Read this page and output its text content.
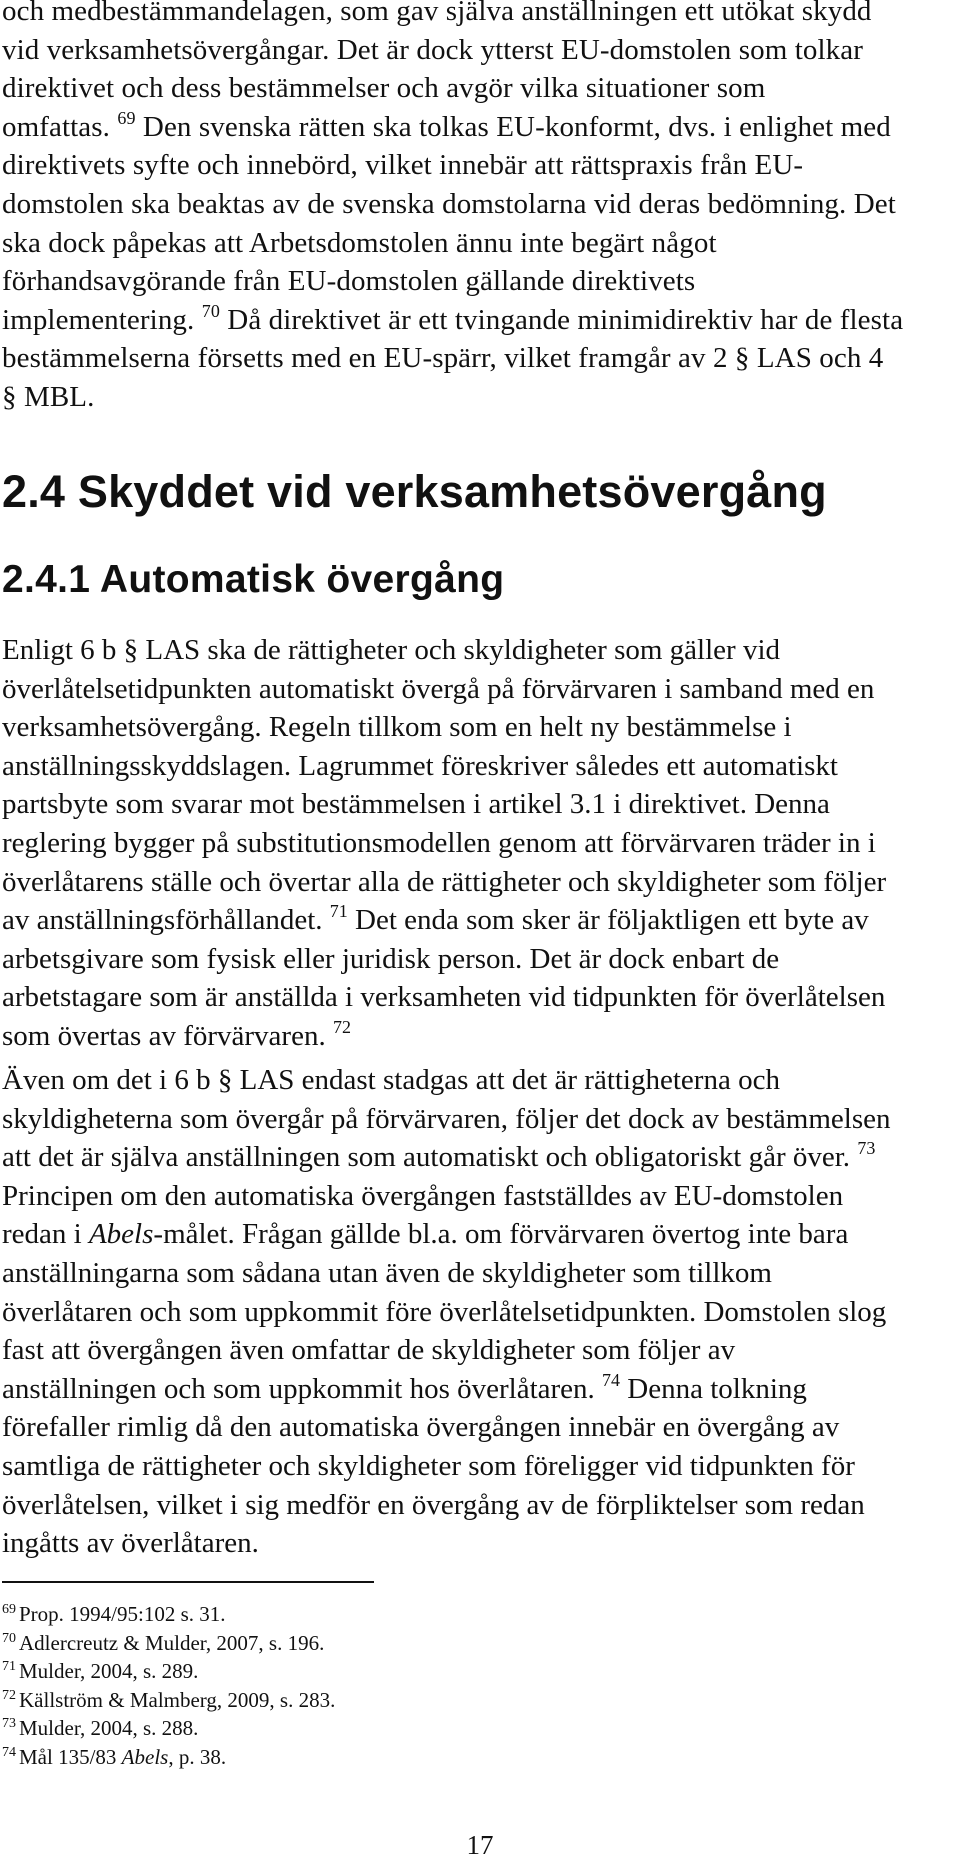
och medbestämmandelagen, som gav själva anställningen ett utökat skydd
vid verksamhetsövergångar. Det är dock ytterst EU-domstolen som tolkar
direktivet och dess bestämmelser och avgör vilka situationer som
omfattas. $^{69}$ Den svenska rätten ska tolkas EU-konformt, dvs. i enlighet med
direktivets syfte och innebörd, vilket innebär att rättspraxis från EU-
domstolen ska beaktas av de svenska domstolarna vid deras bedömning. Det
ska dock påpekas att Arbetsdomstolen ännu inte begärt något
förhandsavgörande från EU-domstolen gällande direktivets
implementering. $^{70}$ Då direktivet är ett tvingande minimidirektiv har de flesta
bestämmelserna försetts med en EU-spärr, vilket framgår av 2 § LAS och 4
§ MBL.
2.4 Skyddet vid verksamhetsövergång
2.4.1 Automatisk övergång
Enligt 6 b § LAS ska de rättigheter och skyldigheter som gäller vid
överlåtelsetidpunkten automatiskt övergå på förvärvaren i samband med en
verksamhetsövergång. Regeln tillkom som en helt ny bestämmelse i
anställningsskyddslagen. Lagrummet föreskriver således ett automatiskt
partsbyte som svarar mot bestämmelsen i artikel 3.1 i direktivet. Denna
reglering bygger på substitutionsmodellen genom att förvärvaren träder in i
överlåtarens ställe och övertar alla de rättigheter och skyldigheter som följer
av anställningsförhållandet. $^{71}$ Det enda som sker är följaktligen ett byte av
arbetsgivare som fysisk eller juridisk person. Det är dock enbart de
arbetstagare som är anställda i verksamheten vid tidpunkten för överlåtelsen
som övertas av förvärvaren. $^{72}$
Även om det i 6 b § LAS endast stadgas att det är rättigheterna och
skyldigheterna som övergår på förvärvaren, följer det dock av bestämmelsen
att det är själva anställningen som automatiskt och obligatoriskt går över. $^{73}$
Principen om den automatiska övergången fastställdes av EU-domstolen
redan i Abels-målet. Frågan gällde bl.a. om förvärvaren övertog inte bara
anställningarna som sådana utan även de skyldigheter som tillkom
överlåtaren och som uppkommit före överlåtelsetidpunkten. Domstolen slog
fast att övergången även omfattar de skyldigheter som följer av
anställningen och som uppkommit hos överlåtaren. $^{74}$ Denna tolkning
förefaller rimlig då den automatiska övergången innebär en övergång av
samtliga de rättigheter och skyldigheter som föreligger vid tidpunkten för
överlåtelsen, vilket i sig medför en övergång av de förpliktelser som redan
ingåtts av överlåtaren.
$^{69}$ Prop. 1994/95:102 s. 31.
$^{70}$ Adlercreutz & Mulder, 2007, s. 196.
$^{71}$ Mulder, 2004, s. 289.
$^{72}$ Källström & Malmberg, 2009, s. 283.
$^{73}$ Mulder, 2004, s. 288.
$^{74}$ Mål 135/83 Abels, p. 38.
17
